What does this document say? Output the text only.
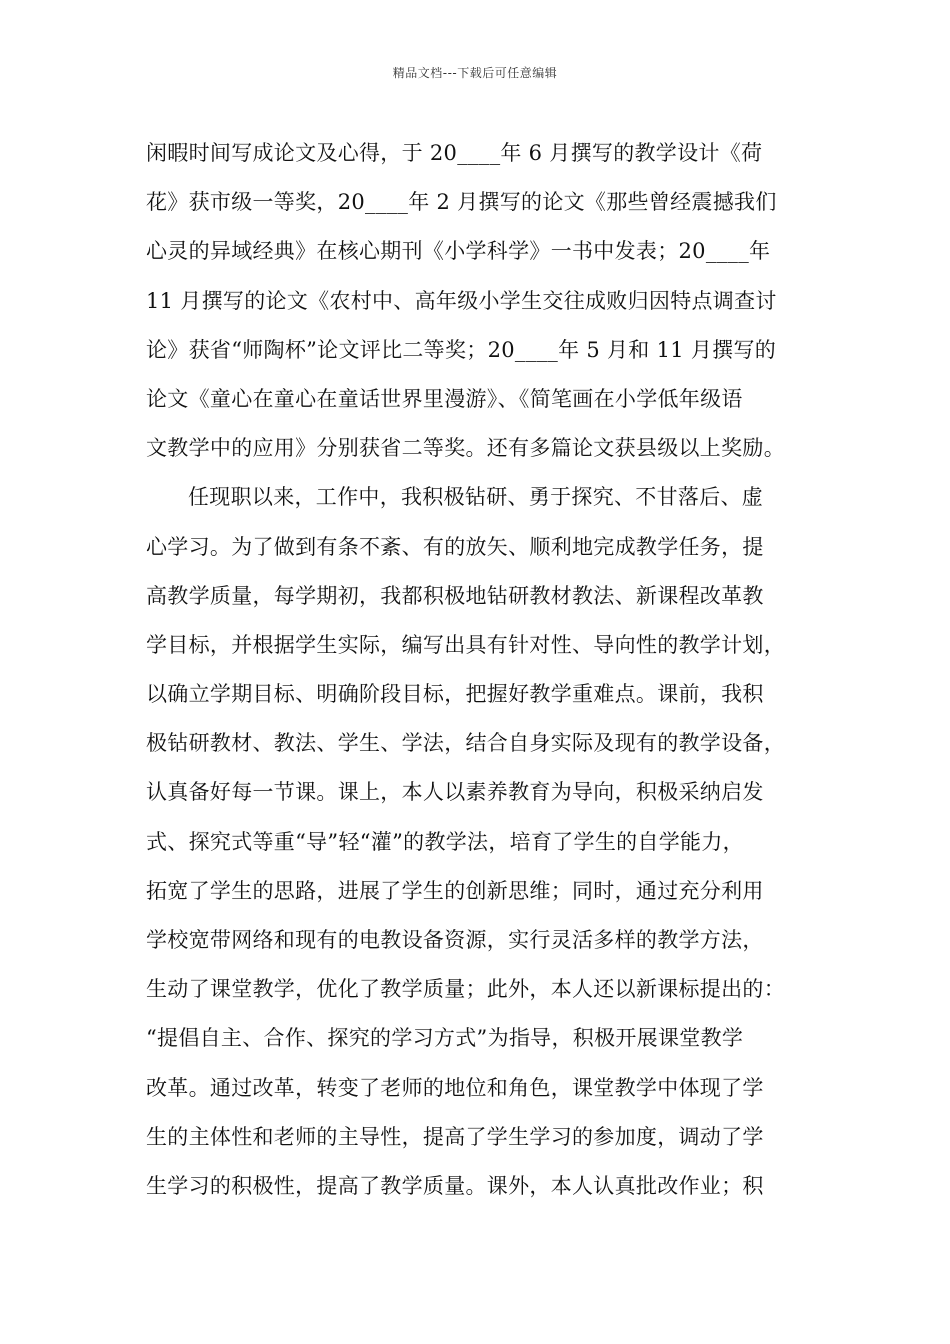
精品文档---下载后可任意编辑
闲暇时间写成论文及心得，于 20____年 6 月撰写的教学设计《荷
花》获市级一等奖，20____年 2 月撰写的论文《那些曾经震撼我们
心灵的异域经典》在核心期刊《小学科学》一书中发表；20____年
11 月撰写的论文《农村中、高年级小学生交往成败归因特点调查讨
论》获省“师陶杯”论文评比二等奖；20____年 5 月和 11 月撰写的
论文《童心在童心在童话世界里漫游》、《简笔画在小学低年级语
文教学中的应用》分别获省二等奖。还有多篇论文获县级以上奖励。
任现职以来，工作中，我积极钻研、勇于探究、不甘落后、虚
心学习。为了做到有条不紊、有的放矢、顺利地完成教学任务，提
高教学质量，每学期初，我都积极地钻研教材教法、新课程改革教
学目标，并根据学生实际，编写出具有针对性、导向性的教学计划，
以确立学期目标、明确阶段目标，把握好教学重难点。课前，我积
极钻研教材、教法、学生、学法，结合自身实际及现有的教学设备，
认真备好每一节课。课上，本人以素养教育为导向，积极采纳启发
式、探究式等重“导”轻“灌”的教学法，培育了学生的自学能力，
拓宽了学生的思路，进展了学生的创新思维；同时，通过充分利用
学校宽带网络和现有的电教设备资源，实行灵活多样的教学方法，
生动了课堂教学，优化了教学质量；此外，本人还以新课标提出的：
“提倡自主、合作、探究的学习方式”为指导，积极开展课堂教学
改革。通过改革，转变了老师的地位和角色，课堂教学中体现了学
生的主体性和老师的主导性，提高了学生学习的参加度，调动了学
生学习的积极性，提高了教学质量。课外，本人认真批改作业；积
